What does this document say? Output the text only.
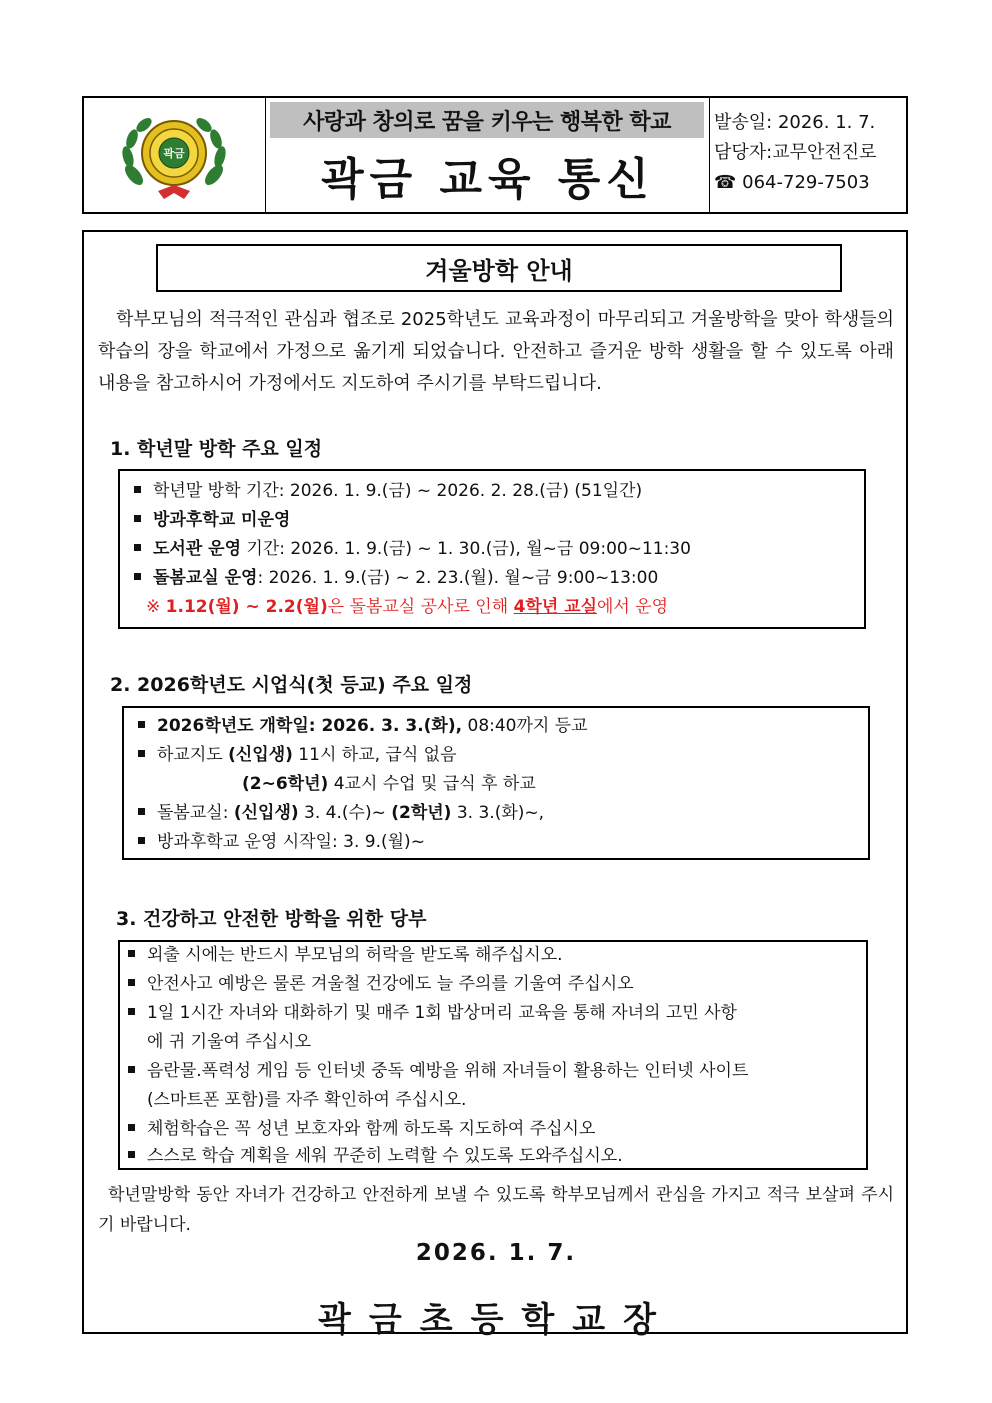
곽금
사랑과 창의로 꿈을 키우는 행복한 학교
곽금 교육 통신
발송일: 2026. 1. 7.
담당자:교무안전진로
☎ 064-729-7503
겨울방학 안내
학부모님의 적극적인 관심과 협조로 2025학년도 교육과정이 마무리되고 겨울방학을 맞아 학생들의 학습의 장을 학교에서 가정으로 옮기게 되었습니다. 안전하고 즐거운 방학 생활을 할 수 있도록 아래 내용을 참고하시어 가정에서도 지도하여 주시기를 부탁드립니다.
1. 학년말 방학 주요 일정
학년말 방학 기간: 2026. 1. 9.(금) ~ 2026. 2. 28.(금) (51일간)
방과후학교 미운영
도서관 운영 기간: 2026. 1. 9.(금) ~ 1. 30.(금), 월~금 09:00~11:30
돌봄교실 운영: 2026. 1. 9.(금) ~ 2. 23.(월). 월~금 9:00~13:00
※ 1.12(월) ~ 2.2(월)은 돌봄교실 공사로 인해 4학년 교실에서 운영
2. 2026학년도 시업식(첫 등교) 주요 일정
2026학년도 개학일: 2026. 3. 3.(화), 08:40까지 등교
하교지도 (신입생) 11시 하교, 급식 없음
(2~6학년) 4교시 수업 및 급식 후 하교
돌봄교실: (신입생) 3. 4.(수)~ (2학년) 3. 3.(화)~,
방과후학교 운영 시작일: 3. 9.(월)~
3. 건강하고 안전한 방학을 위한 당부
외출 시에는 반드시 부모님의 허락을 받도록 해주십시오.
안전사고 예방은 물론 겨울철 건강에도 늘 주의를 기울여 주십시오
1일 1시간 자녀와 대화하기 및 매주 1회 밥상머리 교육을 통해 자녀의 고민 사항
에 귀 기울여 주십시오
음란물.폭력성 게임 등 인터넷 중독 예방을 위해 자녀들이 활용하는 인터넷 사이트
(스마트폰 포함)를 자주 확인하여 주십시오.
체험학습은 꼭 성년 보호자와 함께 하도록 지도하여 주십시오
스스로 학습 계획을 세워 꾸준히 노력할 수 있도록 도와주십시오.
학년말방학 동안 자녀가 건강하고 안전하게 보낼 수 있도록 학부모님께서 관심을 가지고 적극 보살펴 주시기 바랍니다.
2026. 1. 7.
곽금초등학교장
